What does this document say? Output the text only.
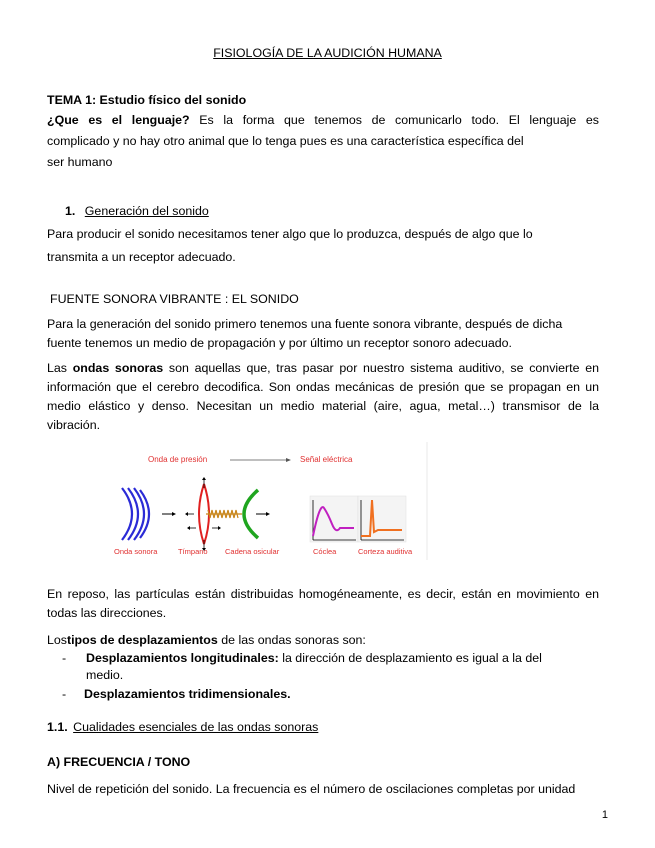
FISIOLOGÍA DE LA AUDICIÓN HUMANA
TEMA 1: Estudio físico del sonido
¿Que es el lenguaje? Es la forma que tenemos de comunicarlo todo. El lenguaje es
complicado y no hay otro animal que lo tenga pues es una característica específica del
ser humano
1. Generación del sonido
Para producir el sonido necesitamos tener algo que lo produzca, después de algo que lo
transmita a un receptor adecuado.
FUENTE SONORA VIBRANTE : EL SONIDO
Para la generación del sonido primero tenemos una fuente sonora vibrante, después de dicha
fuente tenemos un medio de propagación y por último un receptor sonoro adecuado.
Las ondas sonoras son aquellas que, tras pasar por nuestro sistema auditivo, se convierte en
información que el cerebro decodifica. Son ondas mecánicas de presión que se propagan en un
medio elástico y denso. Necesitan un medio material (aire, agua, metal…) transmisor de la
vibración.
Onda de presión	Señal eléctrica
Onda sonora	Tímpano Cadena osicular	Cóclea	Corteza auditiva
En reposo, las partículas están distribuidas homogéneamente, es decir, están en movimiento en
todas las direcciones.
Lostipos de desplazamientos de las ondas sonoras son:
- Desplazamientos longitudinales: la dirección de desplazamiento es igual a la del
medio.
- Desplazamientos tridimensionales.
1.1. Cualidades esenciales de las ondas sonoras
A) FRECUENCIA / TONO
Nivel de repetición del sonido. La frecuencia es el número de oscilaciones completas por unidad
1
